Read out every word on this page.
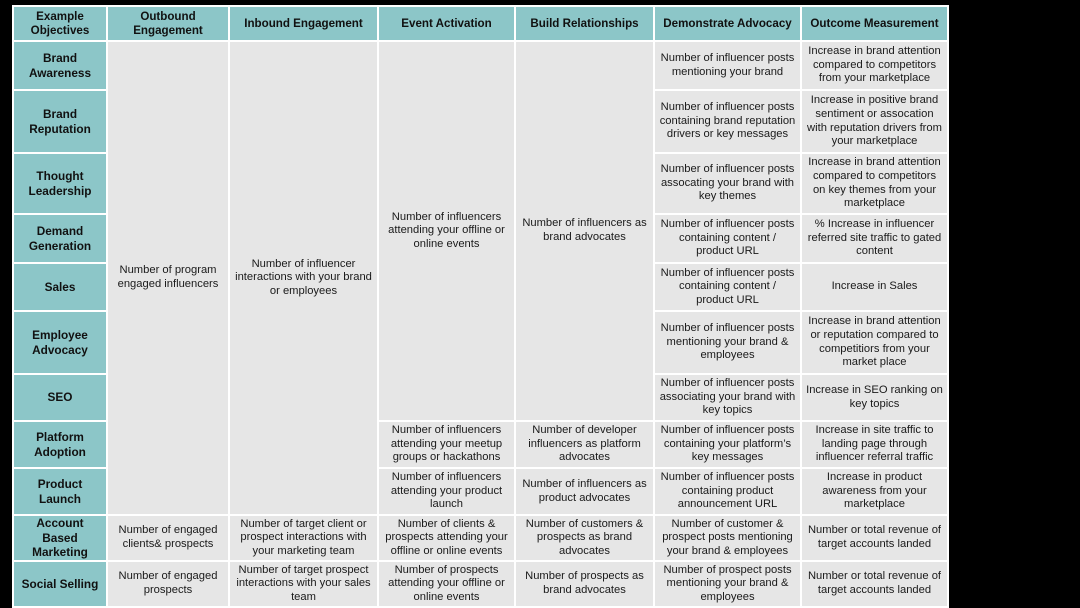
Example Objectives	Outbound Engagement	Inbound Engagement	Event Activation	Build Relationships	Demonstrate Advocacy	Outcome Measurement
Brand Awareness	Number of program engaged influencers	Number of influencer interactions with your brand or employees	Number of influencers attending your offline or online events	Number of influencers as brand advocates	Number of influencer posts mentioning your brand	Increase in brand attention compared to competitors from your marketplace
Brand Reputation					Number of influencer posts containing brand reputation drivers or key messages	Increase in positive brand sentiment or assocation with reputation drivers from your marketplace
Thought Leadership					Number of influencer posts assocating your brand with key themes	Increase in brand attention compared to competitors on key themes from your marketplace
Demand Generation					Number of influencer posts containing content / product URL	% Increase in influencer referred site traffic to gated content
Sales					Number of influencer posts containing content / product URL	Increase in Sales
Employee Advocacy					Number of influencer posts mentioning your brand & employees	Increase in brand attention or reputation compared to competitiors from your market place
SEO					Number of influencer posts associating your brand with key topics	Increase in SEO ranking on key topics
Platform Adoption			Number of influencers attending your meetup groups or hackathons	Number of developer influencers as platform advocates	Number of influencer posts containing your platform’s key messages	Increase in site traffic to landing page through influencer referral traffic
Product Launch			Number of influencers attending your product launch	Number of influencers as product advocates	Number of influencer posts containing product announcement URL	Increase in product awareness from your marketplace
Account Based Marketing	Number of engaged clients& prospects	Number of target client or prospect interactions with your marketing team	Number of clients & prospects attending your offline or online events	Number of customers & prospects as brand advocates	Number of customer & prospect posts mentioning your brand & employees	Number or total revenue of target accounts landed
Social Selling	Number of engaged prospects	Number of target prospect interactions with your sales team	Number of prospects attending your offline or online events	Number of prospects as brand advocates	Number of prospect posts mentioning your brand & employees	Number or total revenue of target accounts landed
